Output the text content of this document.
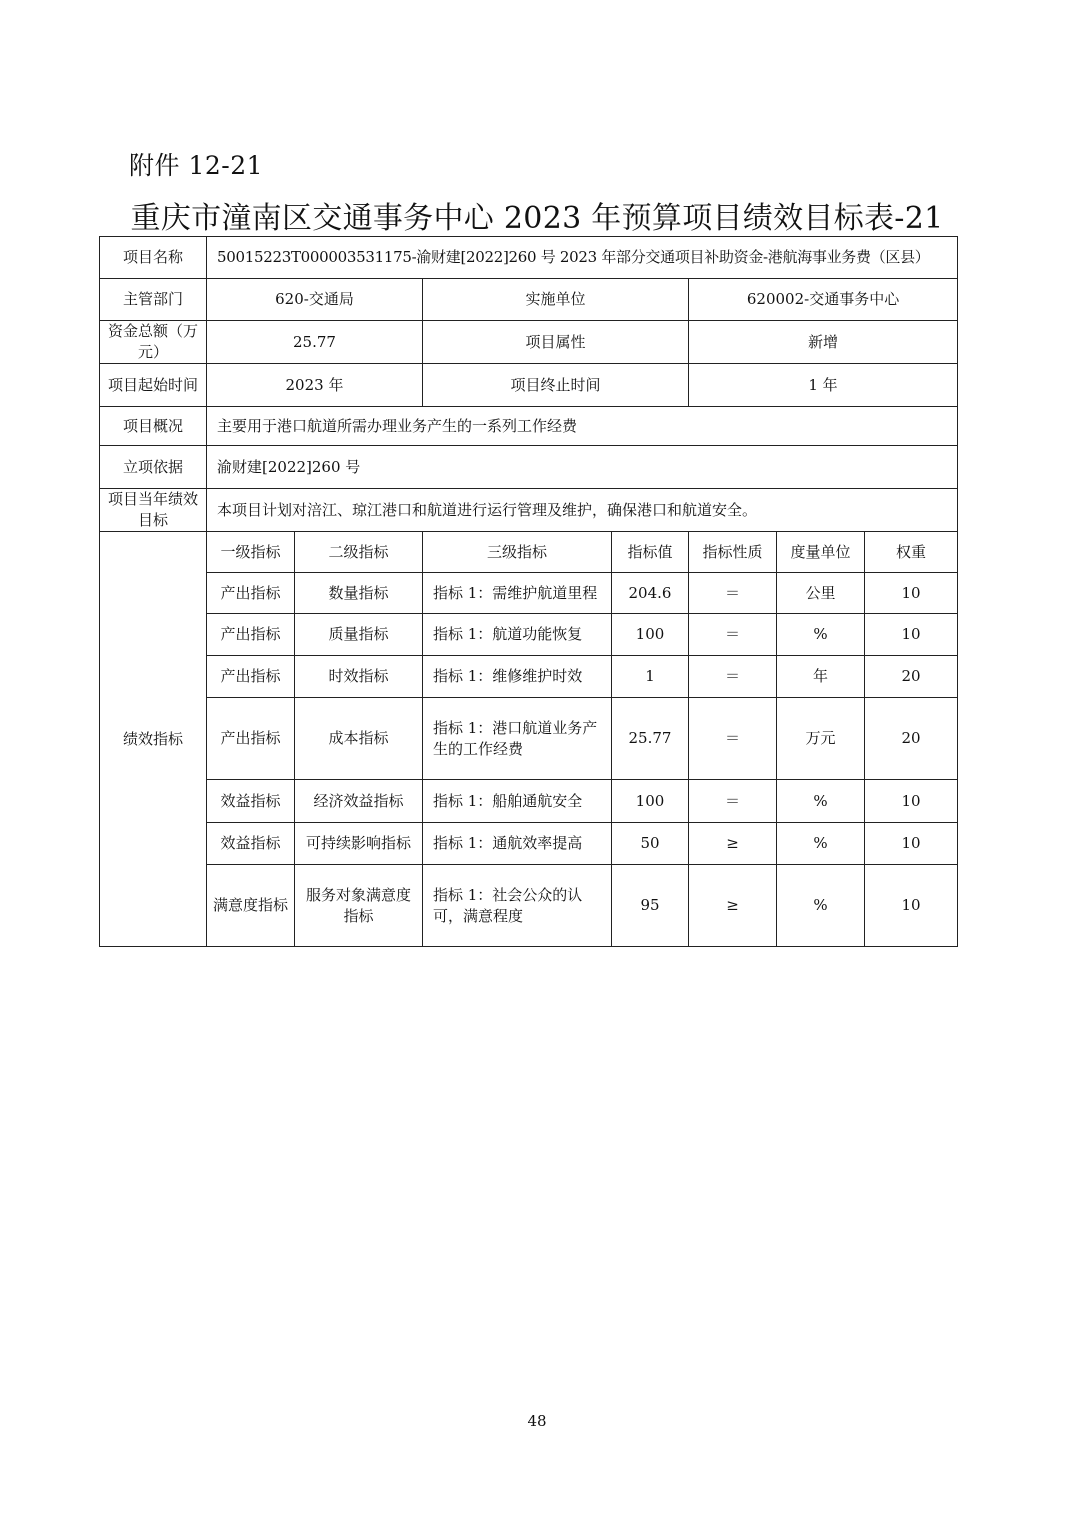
附件 12-21
重庆市潼南区交通事务中心 2023 年预算项目绩效目标表-21
项目名称	50015223T000003531175-渝财建[2022]260 号 2023 年部分交通项目补助资金-港航海事业务费（区县）						
主管部门	620-交通局		实施单位		620002-交通事务中心		
资金总额（万元）	25.77		项目属性		新增		
项目起始时间	2023 年		项目终止时间		1 年		
项目概况	主要用于港口航道所需办理业务产生的一系列工作经费						
立项依据	渝财建[2022]260 号						
项目当年绩效目标	本项目计划对涪江、琼江港口和航道进行运行管理及维护，确保港口和航道安全。						
绩效指标	一级指标	二级指标	三级指标	指标值	指标性质	度量单位	权重
	产出指标	数量指标	指标 1：需维护航道里程	204.6	＝	公里	10
	产出指标	质量指标	指标 1：航道功能恢复	100	＝	%	10
	产出指标	时效指标	指标 1：维修维护时效	1	＝	年	20
	产出指标	成本指标	指标 1：港口航道业务产生的工作经费	25.77	＝	万元	20
	效益指标	经济效益指标	指标 1：船舶通航安全	100	＝	%	10
	效益指标	可持续影响指标	指标 1：通航效率提高	50	≥	%	10
	满意度指标	服务对象满意度指标	指标 1：社会公众的认可，满意程度	95	≥	%	10
48
